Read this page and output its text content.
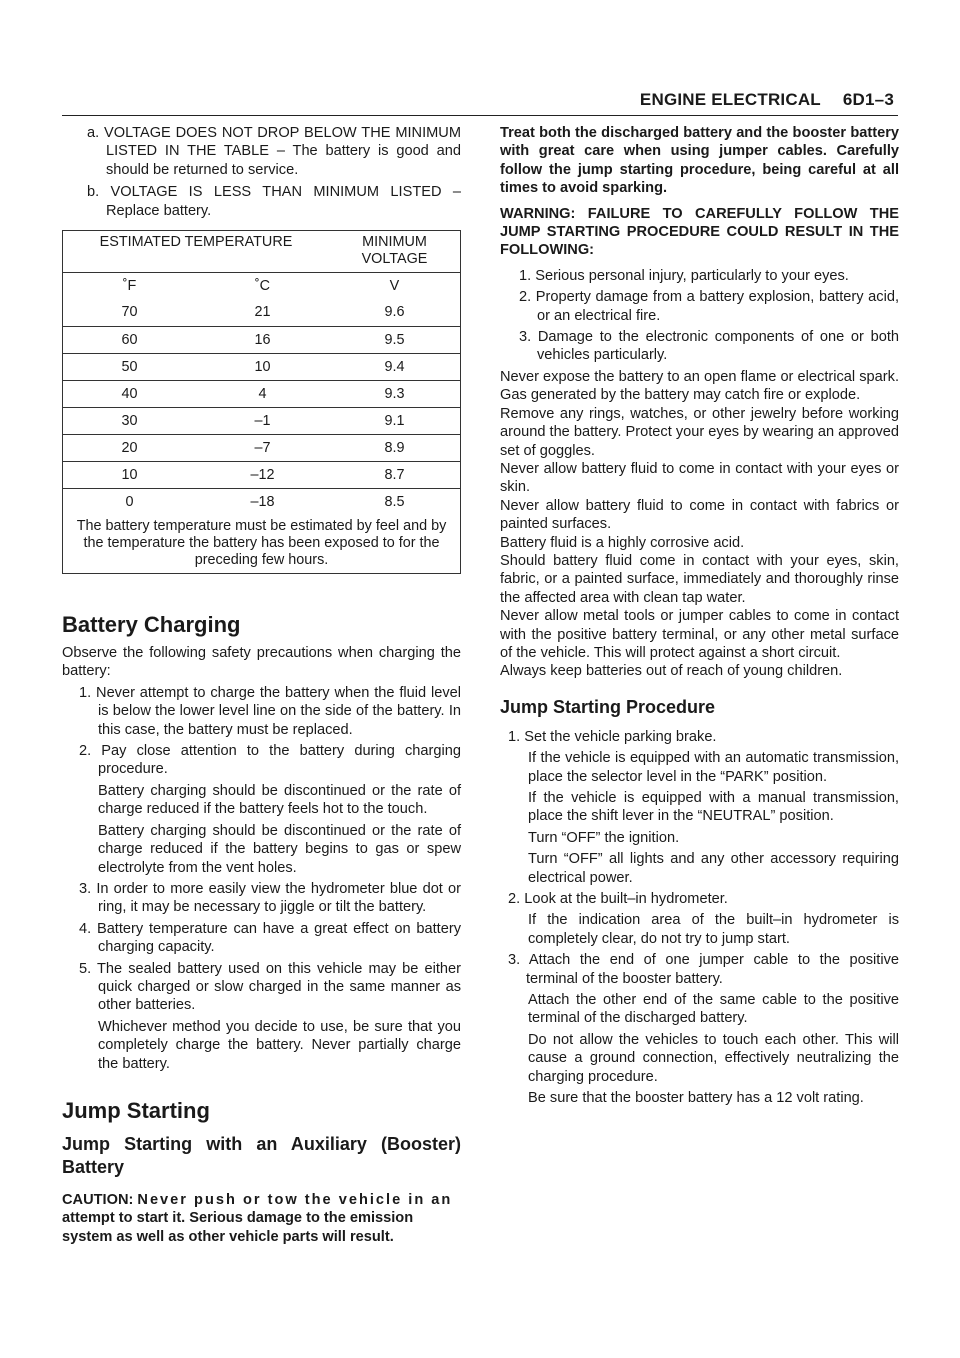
ENGINE ELECTRICAL 6D1–3

a. VOLTAGE DOES NOT DROP BELOW THE MINIMUM LISTED IN THE TABLE – The battery is good and should be returned to service.

b. VOLTAGE IS LESS THAN MINIMUM LISTED – Replace battery.

ESTIMATED TEMPERATURE		MINIMUM VOLTAGE
˚F	˚C	V
70	21	9.6
60	16	9.5
50	10	9.4
40	4	9.3
30	–1	9.1
20	–7	8.9
10	–12	8.7
0	–18	8.5
The battery temperature must be estimated by feel and by the temperature the battery has been exposed to for the preceding few hours.		
Battery Charging

Observe the following safety precautions when charging the battery:

1. Never attempt to charge the battery when the fluid level is below the lower level line on the side of the battery. In this case, the battery must be replaced.

2. Pay close attention to the battery during charging procedure.

Battery charging should be discontinued or the rate of charge reduced if the battery feels hot to the touch.

Battery charging should be discontinued or the rate of charge reduced if the battery begins to gas or spew electrolyte from the vent holes.

3. In order to more easily view the hydrometer blue dot or ring, it may be necessary to jiggle or tilt the battery.

4. Battery temperature can have a great effect on battery charging capacity.

5. The sealed battery used on this vehicle may be either quick charged or slow charged in the same manner as other batteries.

Whichever method you decide to use, be sure that you completely charge the battery. Never partially charge the battery.

Jump Starting
Jump Starting with an Auxiliary (Booster) Battery

CAUTION: Never push or tow the vehicle in an attempt to start it. Serious damage to the emission system as well as other vehicle parts will result.

Treat both the discharged battery and the booster battery with great care when using jumper cables. Carefully follow the jump starting procedure, being careful at all times to avoid sparking.

WARNING: FAILURE TO CAREFULLY FOLLOW THE JUMP STARTING PROCEDURE COULD RESULT IN THE FOLLOWING:

1. Serious personal injury, particularly to your eyes.

2. Property damage from a battery explosion, battery acid, or an electrical fire.

3. Damage to the electronic components of one or both vehicles particularly.

Never expose the battery to an open flame or electrical spark. Gas generated by the battery may catch fire or explode.

Remove any rings, watches, or other jewelry before working around the battery. Protect your eyes by wearing an approved set of goggles.

Never allow battery fluid to come in contact with your eyes or skin.

Never allow battery fluid to come in contact with fabrics or painted surfaces.

Battery fluid is a highly corrosive acid.

Should battery fluid come in contact with your eyes, skin, fabric, or a painted surface, immediately and thoroughly rinse the affected area with clean tap water.

Never allow metal tools or jumper cables to come in contact with the positive battery terminal, or any other metal surface of the vehicle. This will protect against a short circuit.

Always keep batteries out of reach of young children.

Jump Starting Procedure

1. Set the vehicle parking brake.

If the vehicle is equipped with an automatic transmission, place the selector level in the “PARK” position.

If the vehicle is equipped with a manual transmission, place the shift lever in the “NEUTRAL” position.

Turn “OFF” the ignition.

Turn “OFF” all lights and any other accessory requiring electrical power.

2. Look at the built–in hydrometer.

If the indication area of the built–in hydrometer is completely clear, do not try to jump start.

3. Attach the end of one jumper cable to the positive terminal of the booster battery.

Attach the other end of the same cable to the positive terminal of the discharged battery.

Do not allow the vehicles to touch each other. This will cause a ground connection, effectively neutralizing the charging procedure.

Be sure that the booster battery has a 12 volt rating.
